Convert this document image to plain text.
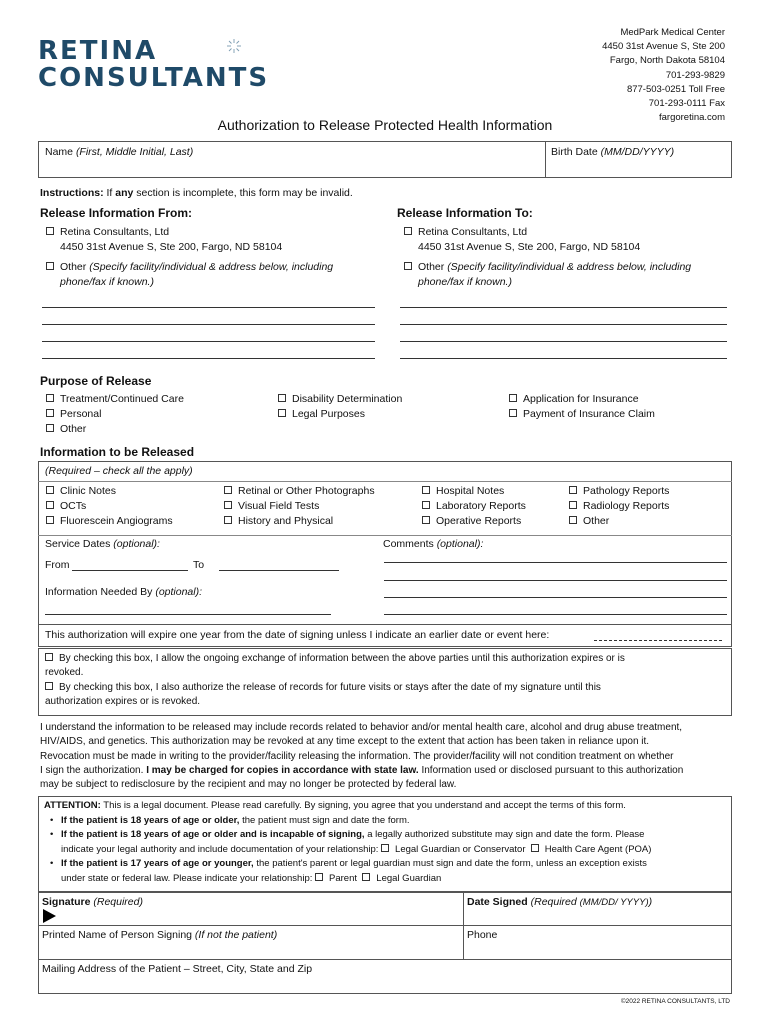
RETINA
CONSULTANTS
MedPark Medical Center
4450 31st Avenue S, Ste 200
Fargo, North Dakota 58104
701-293-9829
877-503-0251 Toll Free
701-293-0111 Fax
fargoretina.com
Authorization to Release Protected Health Information
Name (First, Middle Initial, Last)	Birth Date (MM/DD/YYYY)
Instructions: If any section is incomplete, this form may be invalid.
Release Information From:
Retina Consultants, Ltd
4450 31st Avenue S, Ste 200, Fargo, ND 58104
Other (Specify facility/individual & address below, including
phone/fax if known.)
Release Information To:
Retina Consultants, Ltd
4450 31st Avenue S, Ste 200, Fargo, ND 58104
Other (Specify facility/individual & address below, including
phone/fax if known.)
Purpose of Release
Treatment/Continued Care
Personal
Other
Disability Determination
Legal Purposes
Application for Insurance
Payment of Insurance Claim
Information to be Released
(Required – check all the apply)
Clinic Notes
OCTs
Fluorescein Angiograms
Retinal or Other Photographs
Visual Field Tests
History and Physical
Hospital Notes
Laboratory Reports
Operative Reports
Pathology Reports
Radiology Reports
Other
Service Dates (optional):
From	To
Information Needed By (optional):
Comments (optional):
This authorization will expire one year from the date of signing unless I indicate an earlier date or event here:
By checking this box, I allow the ongoing exchange of information between the above parties until this authorization expires or is
revoked.
By checking this box, I also authorize the release of records for future visits or stays after the date of my signature until this
authorization expires or is revoked.
I understand the information to be released may include records related to behavior and/or mental health care, alcohol and drug abuse treatment,
HIV/AIDS, and genetics. This authorization may be revoked at any time except to the extent that action has been taken in reliance upon it.
Revocation must be made in writing to the provider/facility releasing the information. The provider/facility will not condition treatment on whether
I sign the authorization. I may be charged for copies in accordance with state law. Information used or disclosed pursuant to this authorization
may be subject to redisclosure by the recipient and may no longer be protected by federal law.
ATTENTION: This is a legal document. Please read carefully. By signing, you agree that you understand and accept the terms of this form.
• If the patient is 18 years of age or older, the patient must sign and date the form.
• If the patient is 18 years of age or older and is incapable of signing, a legally authorized substitute may sign and date the form. Please
indicate your legal authority and include documentation of your relationship: Legal Guardian or Conservator Health Care Agent (POA)
• If the patient is 17 years of age or younger, the patient's parent or legal guardian must sign and date the form, unless an exception exists
under state or federal law. Please indicate your relationship: Parent Legal Guardian
Signature (Required)	Date Signed (Required (MM/DD/ YYYY))
Printed Name of Person Signing (If not the patient)	Phone
Mailing Address of the Patient – Street, City, State and Zip
©2022 RETINA CONSULTANTS, LTD
